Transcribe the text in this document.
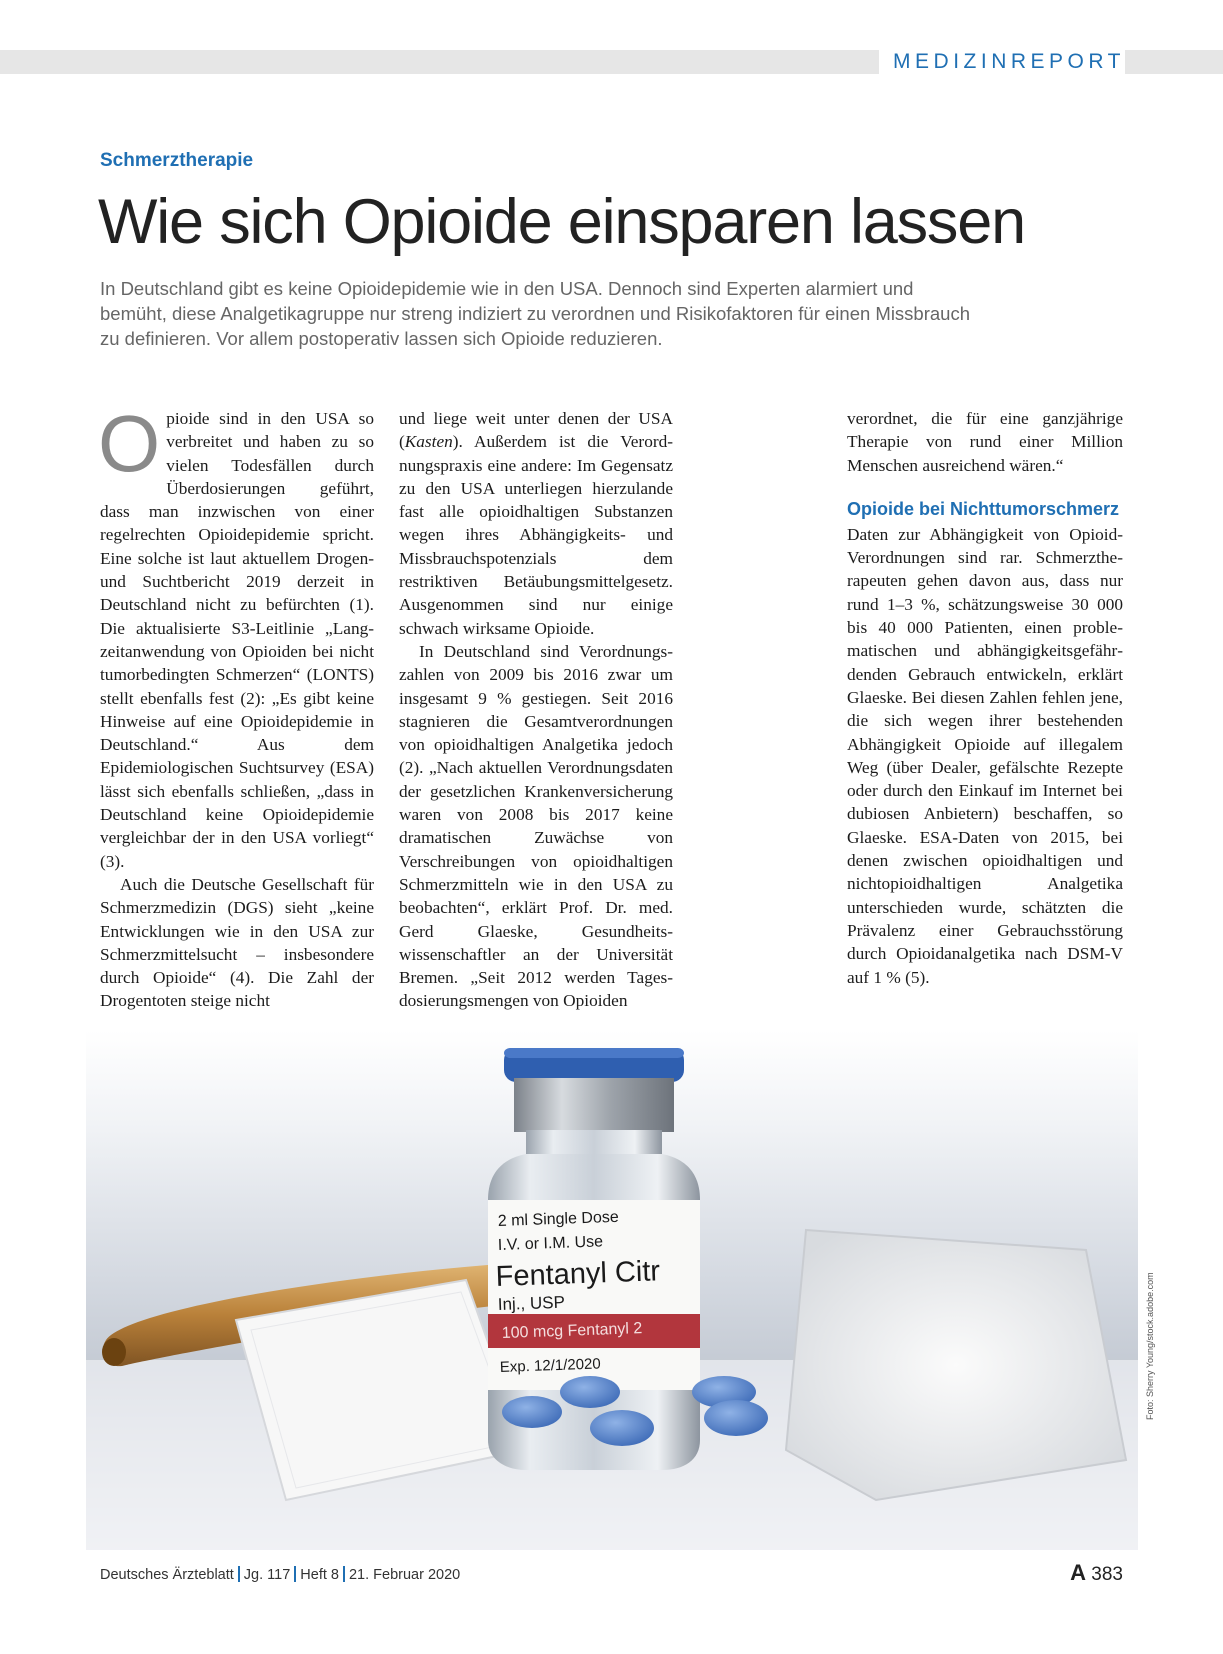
MEDIZINREPORT
Schmerztherapie
Wie sich Opioide einsparen lassen

In Deutschland gibt es keine Opioidepidemie wie in den USA. Dennoch sind Experten alarmiert und bemüht, diese Analgetikagruppe nur streng indiziert zu verordnen und Risikofaktoren für einen Missbrauch zu definieren. Vor allem postoperativ lassen sich Opioide reduzieren.

Opioide sind in den USA so verbreitet und haben zu so vielen Todesfällen durch Überdosierungen geführt, dass man inzwischen von einer regelrechten Opioidepidemie spricht. Eine solche ist laut aktuellem Drogen- und Suchtbericht 2019 derzeit in Deutschland nicht zu befürchten (1). Die aktualisierte S3-Leitlinie „Langzeitanwendung von Opioiden bei nicht tumorbedingten Schmerzen“ (LONTS) stellt ebenfalls fest (2): „Es gibt keine Hinweise auf eine Opioidepidemie in Deutschland.“ Aus dem Epidemiologischen Suchtsurvey (ESA) lässt sich ebenfalls schließen, „dass in Deutschland keine Opioidepidemie vergleichbar der in den USA vorliegt“ (3).

Auch die Deutsche Gesellschaft für Schmerzmedizin (DGS) sieht „keine Entwicklungen wie in den USA zur Schmerzmittelsucht – insbesondere durch Opioide“ (4). Die Zahl der Drogentoten steige nicht

und liege weit unter denen der USA (Kasten). Außerdem ist die Verordnungspraxis eine andere: Im Gegensatz zu den USA unterliegen hierzulande fast alle opioidhaltigen Substanzen wegen ihres Abhängigkeits- und Missbrauchspotenzials dem restriktiven Betäubungsmittelgesetz. Ausgenommen sind nur einige schwach wirksame Opioide.

In Deutschland sind Verordnungszahlen von 2009 bis 2016 zwar um insgesamt 9 % gestiegen. Seit 2016 stagnieren die Gesamtverordnungen von opioidhaltigen Analgetika jedoch (2). „Nach aktuellen Verordnungsdaten der gesetzlichen Krankenversicherung waren von 2008 bis 2017 keine dramatischen Zuwächse von Verschreibungen von opioidhaltigen Schmerzmitteln wie in den USA zu beobachten“, erklärt Prof. Dr. med. Gerd Glaeske, Gesundheitswissenschaftler an der Universität Bremen. „Seit 2012 werden Tagesdosierungsmengen von Opioiden

verordnet, die für eine ganzjährige Therapie von rund einer Million Menschen ausreichend wären.“

Opioide bei Nichttumorschmerz

Daten zur Abhängigkeit von Opioid-Verordnungen sind rar. Schmerztherapeuten gehen davon aus, dass nur rund 1–3 %, schätzungsweise 30 000 bis 40 000 Patienten, einen problematischen und abhängigkeitsgefährdenden Gebrauch entwickeln, erklärt Glaeske. Bei diesen Zahlen fehlen jene, die sich wegen ihrer bestehenden Abhängigkeit Opioide auf illegalem Weg (über Dealer, gefälschte Rezepte oder durch den Einkauf im Internet bei dubiosen Anbietern) beschaffen, so Glaeske. ESA-Daten von 2015, bei denen zwischen opioidhaltigen und nichtopioidhaltigen Analgetika unterschieden wurde, schätzten die Prävalenz einer Gebrauchsstörung durch Opioidanalgetika nach DSM-V auf 1 % (5).

2 ml Single Dose
I.V. or I.M. Use
Fentanyl Citr
Inj., USP
100 mcg Fentanyl 2
Exp. 12/1/2020	Foto: Sherry Young/stock.adobe.com
Deutsches Ärzteblatt Jg. 117 Heft 8 21. Februar 2020	A 383
